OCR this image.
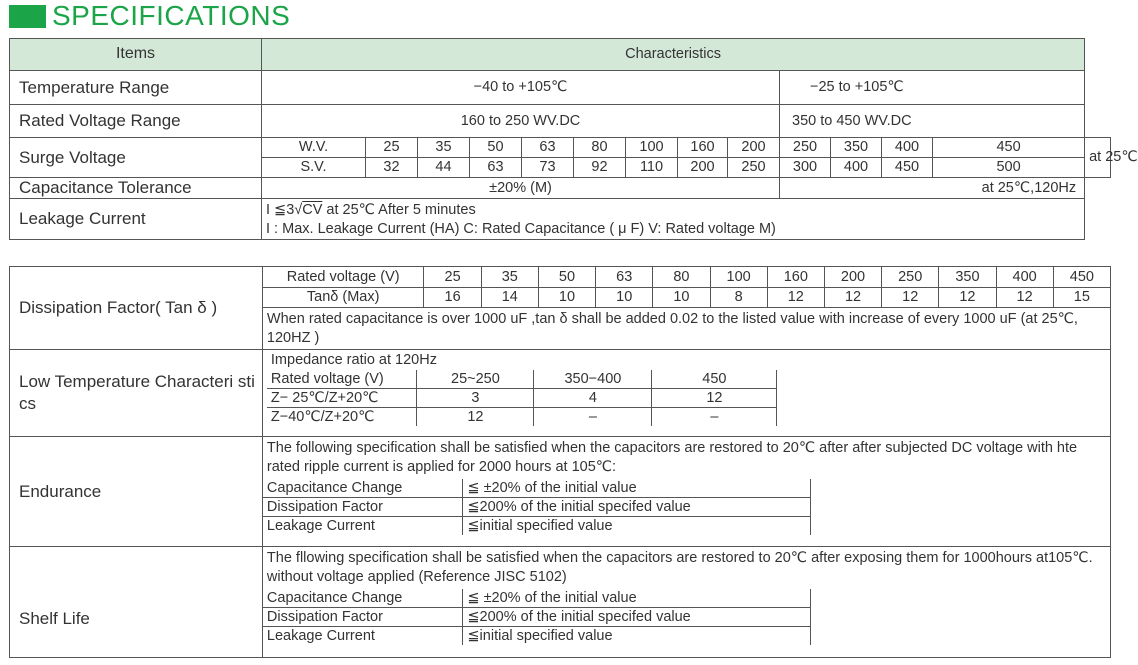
SPECIFICATIONS
Items	Characteristics													
Temperature Range	−40 to +105℃									−25 to +105℃				
Rated Voltage Range	160 to 250 WV.DC									350 to 450 WV.DC				
Surge Voltage	W.V.	25	35	50	63	80	100	160	200	250	350	400	450	at 25℃
	S.V.	32	44	63	73	92	110	200	250	300	400	450	500	
Capacitance Tolerance	±20% (M)									at 25℃,120Hz				
Leakage Current	I ≦3√CV at 25℃ After 5 minutes
I : Max. Leakage Current (HA) C: Rated Capacitance ( μ F) V: Rated voltage M)													
Dissipation Factor( Tan δ )	Rated voltage (V)	25	35	50	63	80	100	160	200	250	350	400	450
Tanδ (Max)	16	14	10	10	10	8	12	12	12	12	12	15
When rated capacitance is over 1000 uF ,tan δ shall be added 0.02 to the listed value with increase of every 1000 uF (at 25℃, 120HZ )
Low Temperature Characteri sti cs	
Impedance ratio at 120Hz
Rated voltage (V)	25~250	350−400	450
Z− 25℃/Z+20℃	3	4	12
Z−40℃/Z+20℃	12	–	–

Endurance	
The following specification shall be satisfied when the capacitors are restored to 20℃ after after subjected DC voltage with hte rated ripple current is applied for 2000 hours at 105℃:
Capacitance Change	≦ ±20% of the initial value
Dissipation Factor	≦200% of the initial specifed value
Leakage Current	≦initial specified value

Shelf Life	
The fllowing specification shall be satisfied when the capacitors are restored to 20℃ after exposing them for 1000hours at105℃. without voltage applied (Reference JISC 5102)
Capacitance Change	≦ ±20% of the initial value
Dissipation Factor	≦200% of the initial specifed value
Leakage Current	≦initial specified value
